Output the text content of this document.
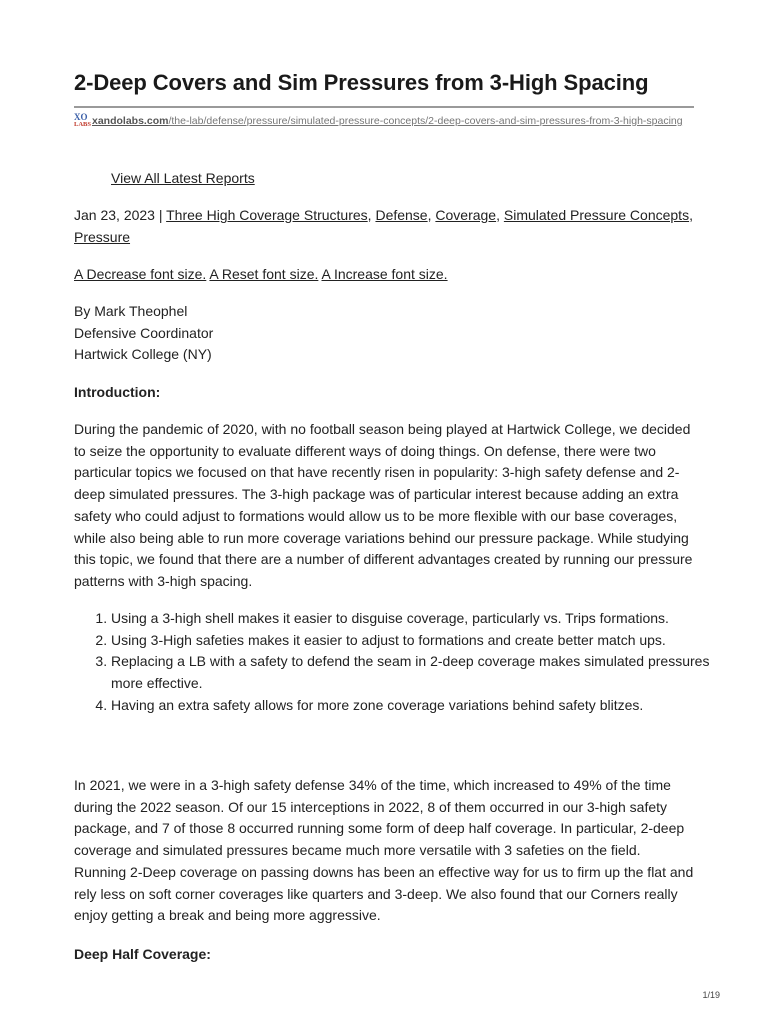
2-Deep Covers and Sim Pressures from 3-High Spacing
XO
LABS xandolabs.com/the-lab/defense/pressure/simulated-pressure-concepts/2-deep-covers-and-sim-pressures-from-3-high-spacing
View All Latest Reports
Jan 23, 2023 | Three High Coverage Structures, Defense, Coverage, Simulated Pressure Concepts, Pressure
A Decrease font size. A Reset font size. A Increase font size.
By Mark Theophel
Defensive Coordinator
Hartwick College (NY)
Introduction:
During the pandemic of 2020, with no football season being played at Hartwick College, we decided to seize the opportunity to evaluate different ways of doing things. On defense, there were two particular topics we focused on that have recently risen in popularity: 3-high safety defense and 2-deep simulated pressures. The 3-high package was of particular interest because adding an extra safety who could adjust to formations would allow us to be more flexible with our base coverages, while also being able to run more coverage variations behind our pressure package. While studying this topic, we found that there are a number of different advantages created by running our pressure patterns with 3-high spacing.
1. Using a 3-high shell makes it easier to disguise coverage, particularly vs. Trips formations.
2. Using 3-High safeties makes it easier to adjust to formations and create better match ups.
3. Replacing a LB with a safety to defend the seam in 2-deep coverage makes simulated pressures more effective.
4. Having an extra safety allows for more zone coverage variations behind safety blitzes.
In 2021, we were in a 3-high safety defense 34% of the time, which increased to 49% of the time during the 2022 season. Of our 15 interceptions in 2022, 8 of them occurred in our 3-high safety package, and 7 of those 8 occurred running some form of deep half coverage. In particular, 2-deep coverage and simulated pressures became much more versatile with 3 safeties on the field. Running 2-Deep coverage on passing downs has been an effective way for us to firm up the flat and rely less on soft corner coverages like quarters and 3-deep. We also found that our Corners really enjoy getting a break and being more aggressive.
Deep Half Coverage:
1/19
